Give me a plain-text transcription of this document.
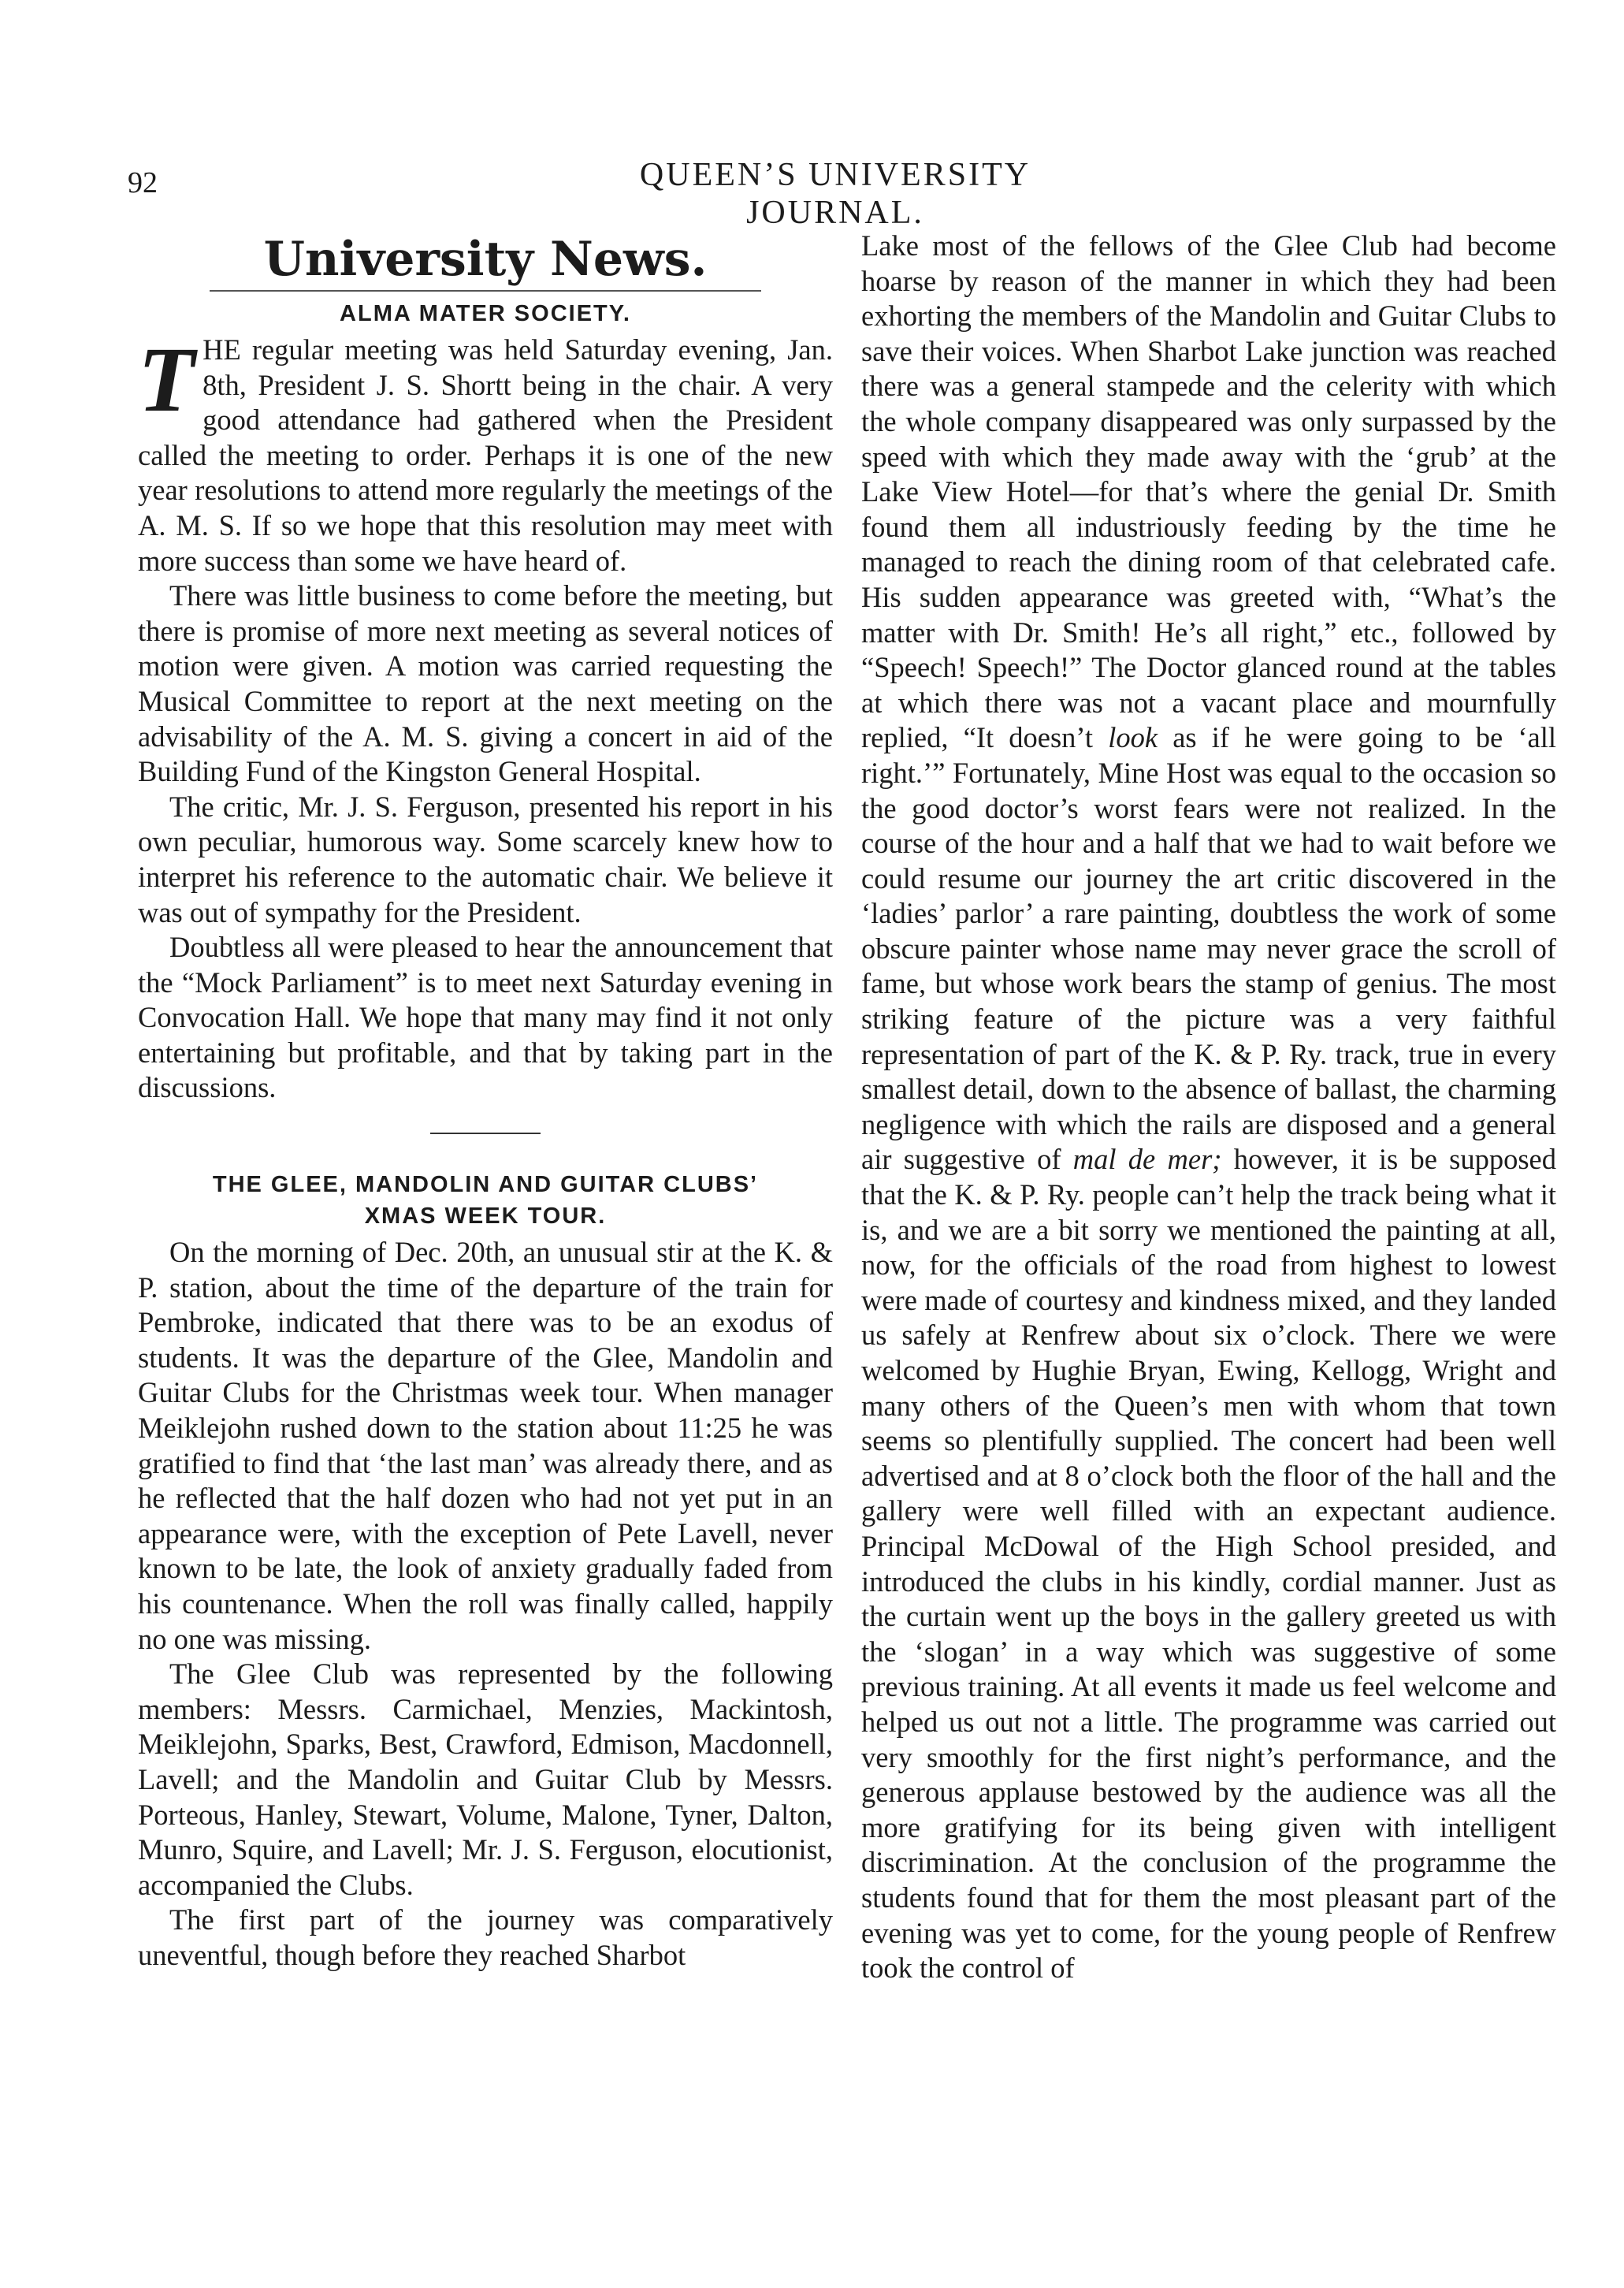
92	QUEEN’S UNIVERSITY JOURNAL.
University News.
ALMA MATER SOCIETY.

THE regular meeting was held Saturday evening, Jan. 8th, President J. S. Shortt being in the chair. A very good attendance had gathered when the President called the meeting to order. Perhaps it is one of the new year resolutions to attend more regularly the meetings of the A. M. S. If so we hope that this resolution may meet with more success than some we have heard of.

There was little business to come before the meeting, but there is promise of more next meeting as several notices of motion were given. A motion was carried requesting the Musical Committee to report at the next meeting on the advisability of the A. M. S. giving a concert in aid of the Building Fund of the Kingston General Hospital.

The critic, Mr. J. S. Ferguson, presented his report in his own peculiar, humorous way. Some scarcely knew how to interpret his reference to the automatic chair. We believe it was out of sympathy for the President.

Doubtless all were pleased to hear the announcement that the “Mock Parliament” is to meet next Saturday evening in Convocation Hall. We hope that many may find it not only entertaining but profitable, and that by taking part in the discussions.

THE GLEE, MANDOLIN AND GUITAR CLUBS’
XMAS WEEK TOUR.

On the morning of Dec. 20th, an unusual stir at the K. & P. station, about the time of the departure of the train for Pembroke, indicated that there was to be an exodus of students. It was the departure of the Glee, Mandolin and Guitar Clubs for the Christmas week tour. When manager Meiklejohn rushed down to the station about 11:25 he was gratified to find that ‘the last man’ was already there, and as he reflected that the half dozen who had not yet put in an appearance were, with the exception of Pete Lavell, never known to be late, the look of anxiety gradually faded from his countenance. When the roll was finally called, happily no one was missing.

The Glee Club was represented by the following members: Messrs. Carmichael, Menzies, Mackintosh, Meiklejohn, Sparks, Best, Crawford, Edmison, Macdonnell, Lavell; and the Mandolin and Guitar Club by Messrs. Porteous, Hanley, Stewart, Volume, Malone, Tyner, Dalton, Munro, Squire, and Lavell; Mr. J. S. Ferguson, elocutionist, accompanied the Clubs.

The first part of the journey was comparatively uneventful, though before they reached Sharbot

Lake most of the fellows of the Glee Club had become hoarse by reason of the manner in which they had been exhorting the members of the Mandolin and Guitar Clubs to save their voices. When Sharbot Lake junction was reached there was a general stampede and the celerity with which the whole company disappeared was only surpassed by the speed with which they made away with the ‘grub’ at the Lake View Hotel—for that’s where the genial Dr. Smith found them all industriously feeding by the time he managed to reach the dining room of that celebrated cafe. His sudden appearance was greeted with, “What’s the matter with Dr. Smith! He’s all right,” etc., followed by “Speech! Speech!” The Doctor glanced round at the tables at which there was not a vacant place and mournfully replied, “It doesn’t look as if he were going to be ‘all right.’” Fortunately, Mine Host was equal to the occasion so the good doctor’s worst fears were not realized. In the course of the hour and a half that we had to wait before we could resume our journey the art critic discovered in the ‘ladies’ parlor’ a rare painting, doubtless the work of some obscure painter whose name may never grace the scroll of fame, but whose work bears the stamp of genius. The most striking feature of the picture was a very faithful representation of part of the K. & P. Ry. track, true in every smallest detail, down to the absence of ballast, the charming negligence with which the rails are disposed and a general air suggestive of mal de mer; however, it is be supposed that the K. & P. Ry. people can’t help the track being what it is, and we are a bit sorry we mentioned the painting at all, now, for the officials of the road from highest to lowest were made of courtesy and kindness mixed, and they landed us safely at Renfrew about six o’clock. There we were welcomed by Hughie Bryan, Ewing, Kellogg, Wright and many others of the Queen’s men with whom that town seems so plentifully supplied. The concert had been well advertised and at 8 o’clock both the floor of the hall and the gallery were well filled with an expectant audience. Principal McDowal of the High School presided, and introduced the clubs in his kindly, cordial manner. Just as the curtain went up the boys in the gallery greeted us with the ‘slogan’ in a way which was suggestive of some previous training. At all events it made us feel welcome and helped us out not a little. The programme was carried out very smoothly for the first night’s performance, and the generous applause bestowed by the audience was all the more gratifying for its being given with intelligent discrimination. At the conclusion of the programme the students found that for them the most pleasant part of the evening was yet to come, for the young people of Renfrew took the control of
